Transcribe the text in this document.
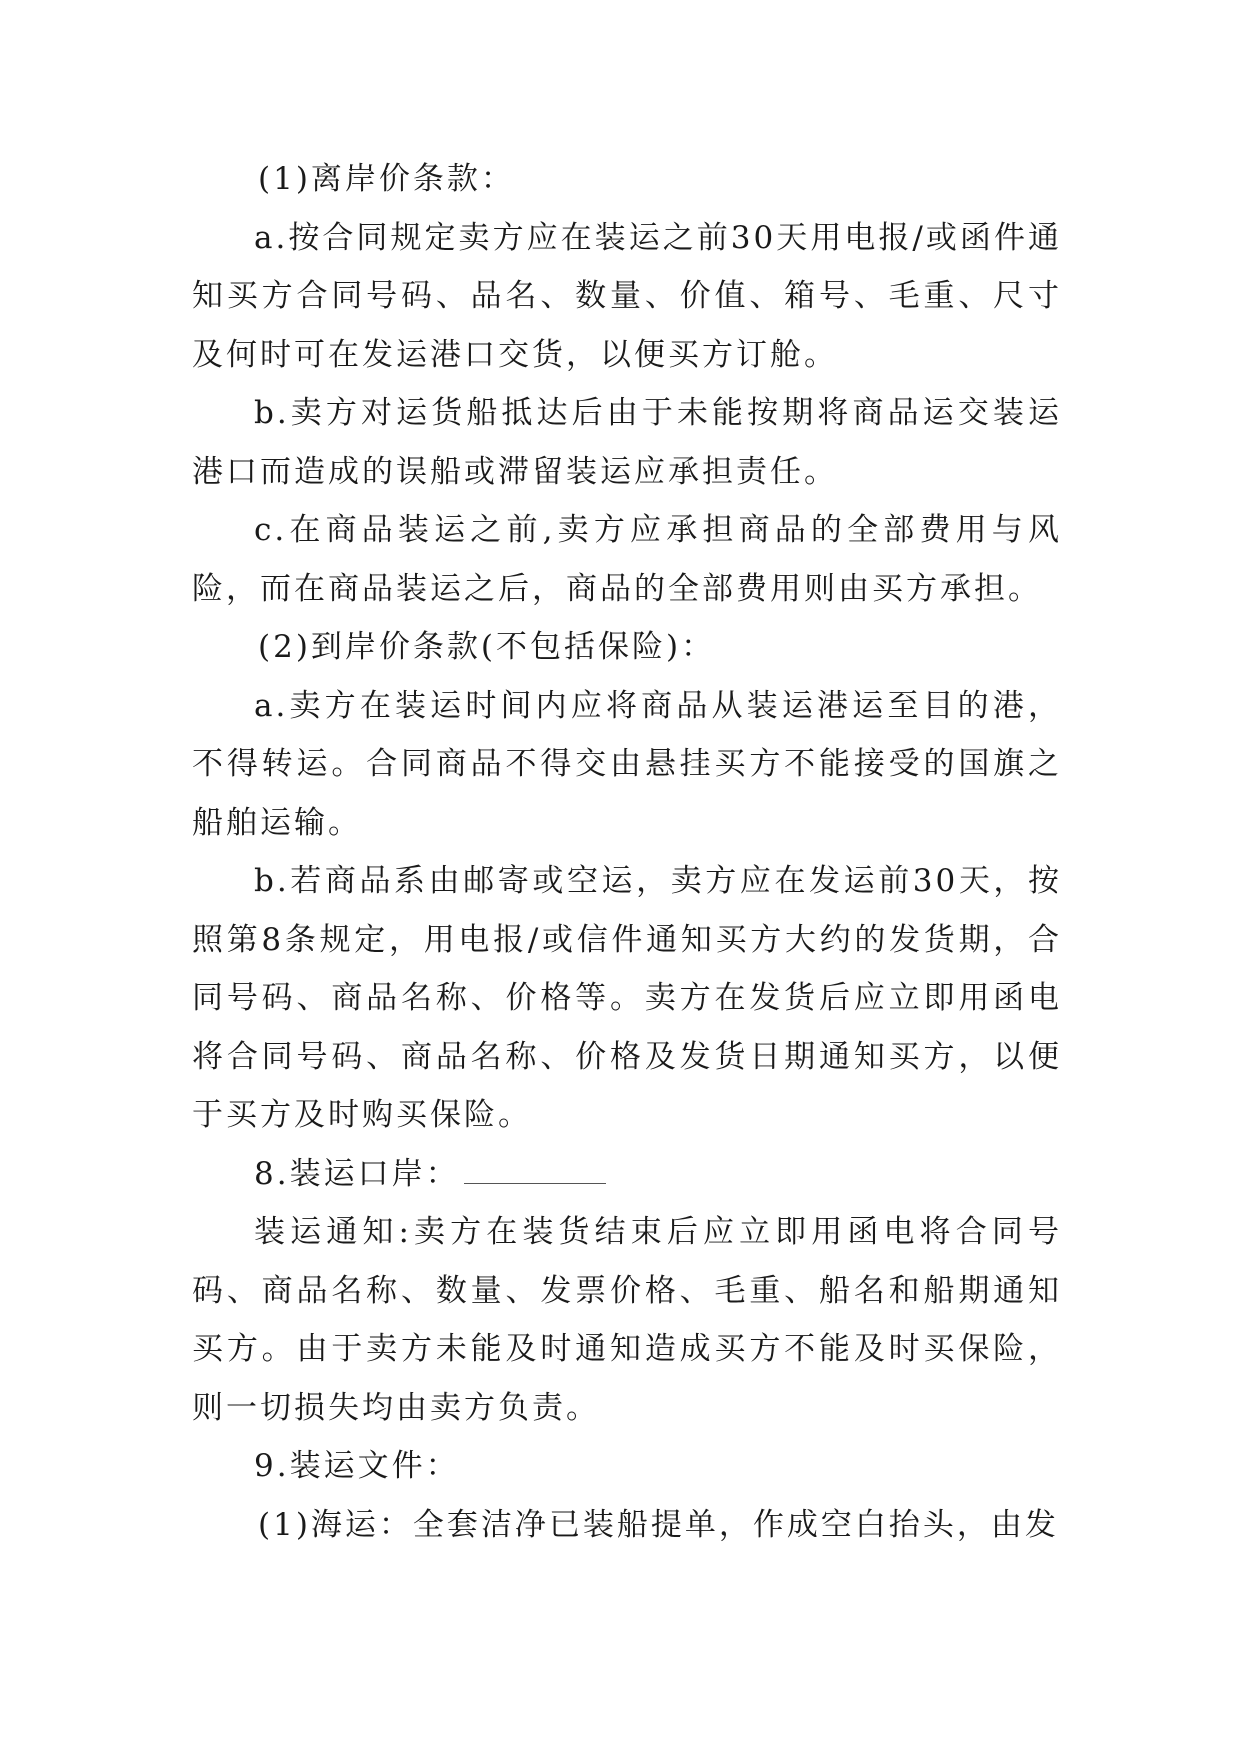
(1)离岸价条款：

a.按合同规定卖方应在装运之前30天用电报/或函件通知买方合同号码、品名、数量、价值、箱号、毛重、尺寸及何时可在发运港口交货，以便买方订舱。

b.卖方对运货船抵达后由于未能按期将商品运交装运港口而造成的误船或滞留装运应承担责任。

c.在商品装运之前,卖方应承担商品的全部费用与风险，而在商品装运之后，商品的全部费用则由买方承担。

(2)到岸价条款(不包括保险)：

a.卖方在装运时间内应将商品从装运港运至目的港，不得转运。合同商品不得交由悬挂买方不能接受的国旗之船舶运输。

b.若商品系由邮寄或空运，卖方应在发运前30天，按照第8条规定，用电报/或信件通知买方大约的发货期，合同号码、商品名称、价格等。卖方在发货后应立即用函电将合同号码、商品名称、价格及发货日期通知买方，以便于买方及时购买保险。

8.装运口岸：

装运通知:卖方在装货结束后应立即用函电将合同号码、商品名称、数量、发票价格、毛重、船名和船期通知买方。由于卖方未能及时通知造成买方不能及时买保险，则一切损失均由卖方负责。

9.装运文件：

(1)海运：全套洁净已装船提单，作成空白抬头，由发
